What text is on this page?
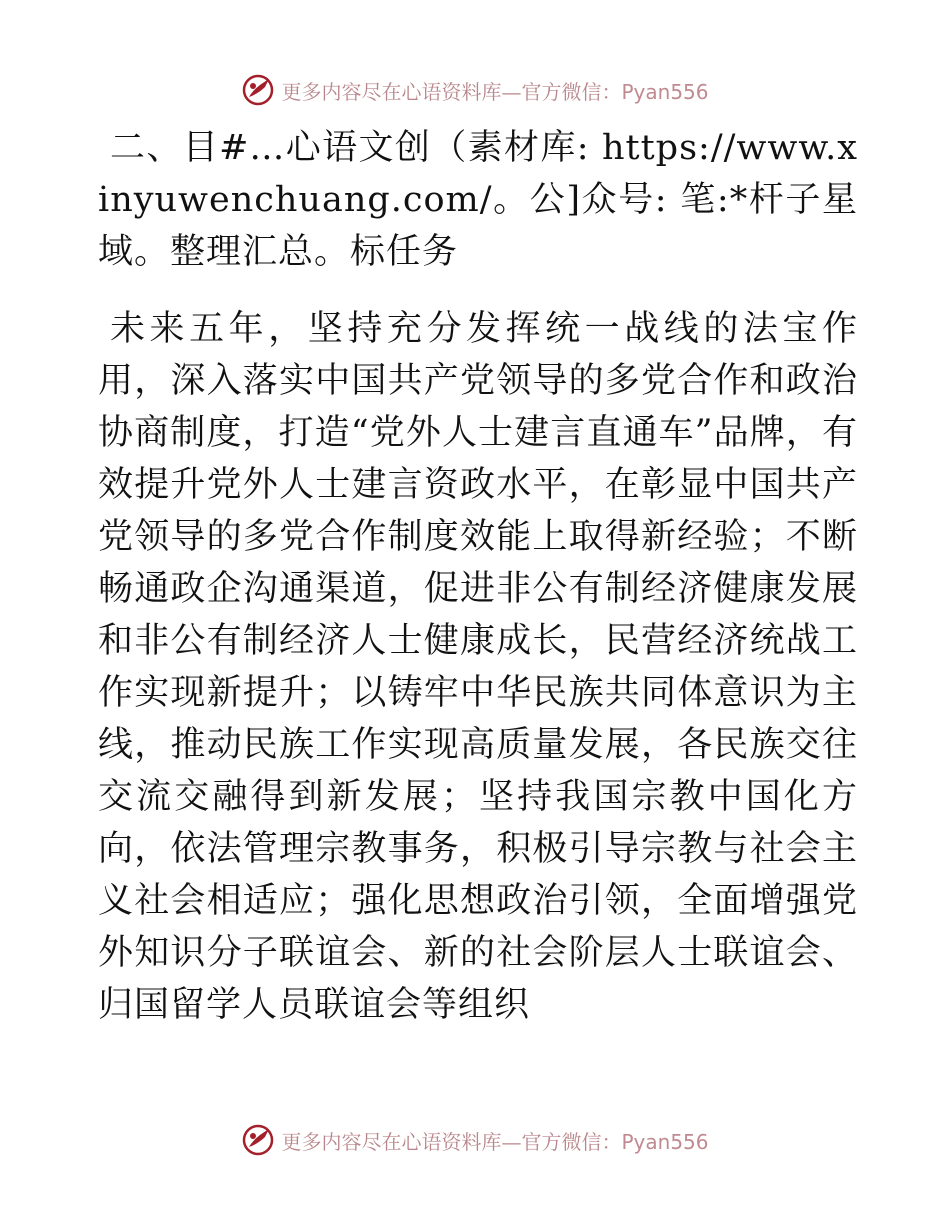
更多内容尽在心语资料库—官方微信：Pyan556

二、目#…心语文创（素材库: https://www.xinyuwenchuang.com/。公]众号: 笔:*杆子星域。整理汇总。标任务

未来五年，坚持充分发挥统一战线的法宝作用，深入落实中国共产党领导的多党合作和政治协商制度，打造“党外人士建言直通车”品牌，有效提升党外人士建言资政水平，在彰显中国共产党领导的多党合作制度效能上取得新经验；不断畅通政企沟通渠道，促进非公有制经济健康发展和非公有制经济人士健康成长，民营经济统战工作实现新提升；以铸牢中华民族共同体意识为主线，推动民族工作实现高质量发展，各民族交往交流交融得到新发展；坚持我国宗教中国化方向，依法管理宗教事务，积极引导宗教与社会主义社会相适应；强化思想政治引领，全面增强党外知识分子联谊会、新的社会阶层人士联谊会、归国留学人员联谊会等组织

更多内容尽在心语资料库—官方微信：Pyan556
